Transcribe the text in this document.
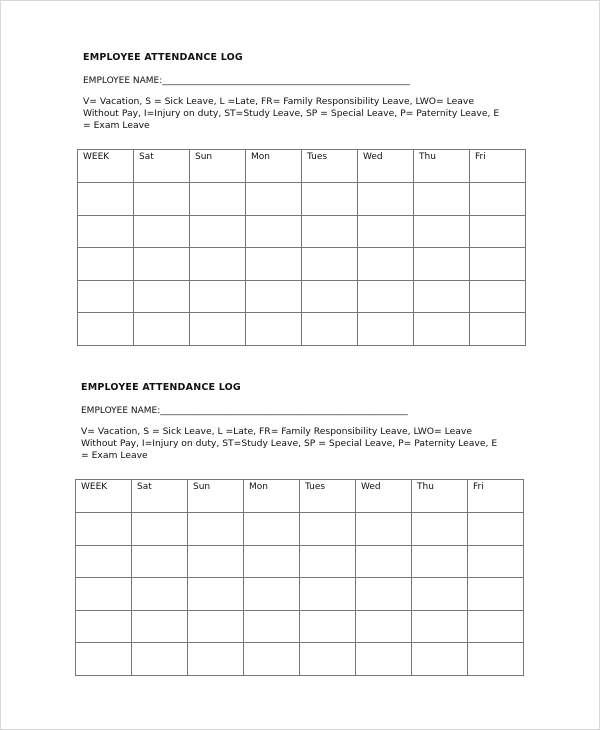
EMPLOYEE ATTENDANCE LOG
EMPLOYEE NAME:_______________________________________________________
V= Vacation, S = Sick Leave, L =Late, FR= Family Responsibility Leave, LWO= Leave Without Pay, I=Injury on duty, ST=Study Leave, SP = Special Leave, P= Paternity Leave, E = Exam Leave
WEEK	Sat	Sun	Mon	Tues	Wed	Thu	Fri

EMPLOYEE ATTENDANCE LOG
EMPLOYEE NAME:_______________________________________________________
V= Vacation, S = Sick Leave, L =Late, FR= Family Responsibility Leave, LWO= Leave Without Pay, I=Injury on duty, ST=Study Leave, SP = Special Leave, P= Paternity Leave, E = Exam Leave
WEEK	Sat	Sun	Mon	Tues	Wed	Thu	Fri
